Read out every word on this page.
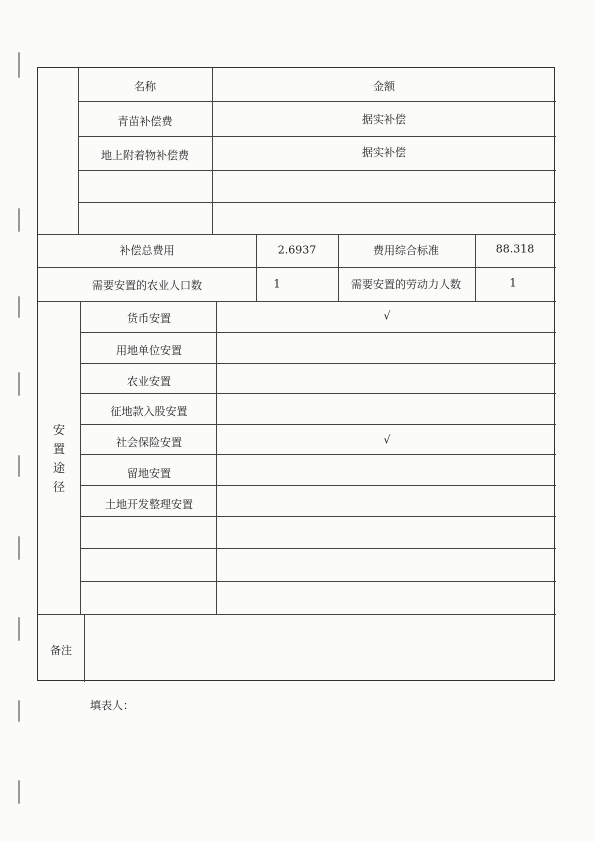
名称	金额
青苗补偿费	据实补偿
地上附着物补偿费	据实补偿
补偿总费用	2.6937	费用综合标准	88.318
需要安置的农业人口数	1	需要安置的劳动力人数	1
安
置
途
径
货币安置	√
用地单位安置
农业安置
征地款入股安置
社会保险安置	√
留地安置
土地开发整理安置
备注
填表人：
